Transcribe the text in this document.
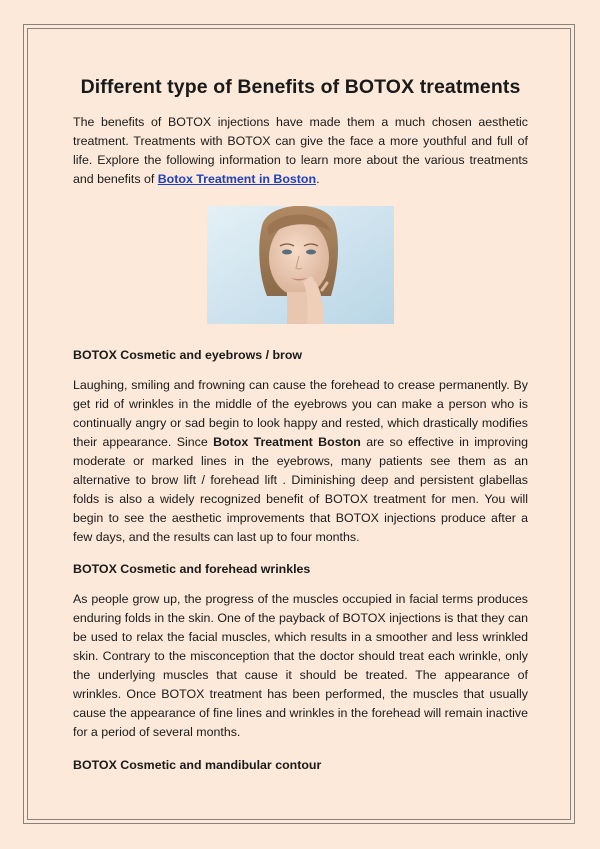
Different type of Benefits of BOTOX treatments

The benefits of BOTOX injections have made them a much chosen aesthetic treatment. Treatments with BOTOX can give the face a more youthful and full of life. Explore the following information to learn more about the various treatments and benefits of Botox Treatment in Boston.

BOTOX Cosmetic and eyebrows / brow

Laughing, smiling and frowning can cause the forehead to crease permanently. By get rid of wrinkles in the middle of the eyebrows you can make a person who is continually angry or sad begin to look happy and rested, which drastically modifies their appearance. Since Botox Treatment Boston are so effective in improving moderate or marked lines in the eyebrows, many patients see them as an alternative to brow lift / forehead lift . Diminishing deep and persistent glabellas folds is also a widely recognized benefit of BOTOX treatment for men. You will begin to see the aesthetic improvements that BOTOX injections produce after a few days, and the results can last up to four months.

BOTOX Cosmetic and forehead wrinkles

As people grow up, the progress of the muscles occupied in facial terms produces enduring folds in the skin. One of the payback of BOTOX injections is that they can be used to relax the facial muscles, which results in a smoother and less wrinkled skin. Contrary to the misconception that the doctor should treat each wrinkle, only the underlying muscles that cause it should be treated. The appearance of wrinkles. Once BOTOX treatment has been performed, the muscles that usually cause the appearance of fine lines and wrinkles in the forehead will remain inactive for a period of several months.

BOTOX Cosmetic and mandibular contour
